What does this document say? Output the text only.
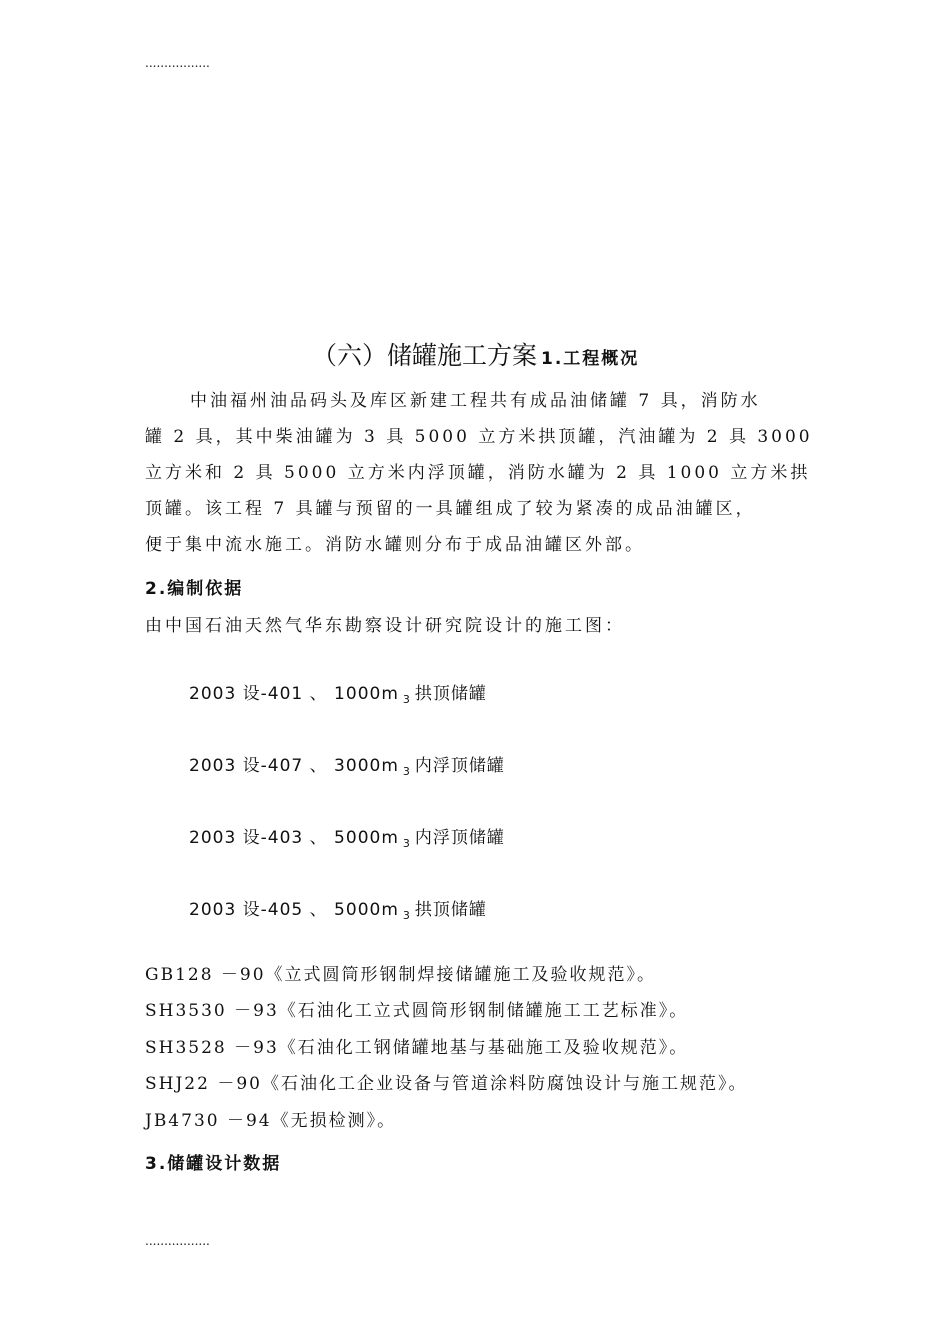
.................
（六）储罐施工方案 1.工程概况
中油福州油品码头及库区新建工程共有成品油储罐 7 具，消防水
罐 2 具，其中柴油罐为 3 具 5000 立方米拱顶罐，汽油罐为 2 具 3000
立方米和 2 具 5000 立方米内浮顶罐，消防水罐为 2 具 1000 立方米拱
顶罐。该工程 7 具罐与预留的一具罐组成了较为紧凑的成品油罐区，
便于集中流水施工。消防水罐则分布于成品油罐区外部。
2.编制依据
由中国石油天然气华东勘察设计研究院设计的施工图：
2003 设-401 、 1000m $_3$ 拱顶储罐
2003 设-407 、 3000m $_3$ 内浮顶储罐
2003 设-403 、 5000m $_3$ 内浮顶储罐
2003 设-405 、 5000m $_3$ 拱顶储罐
GB128 －90《立式圆筒形钢制焊接储罐施工及验收规范》。
SH3530 －93《石油化工立式圆筒形钢制储罐施工工艺标准》。
SH3528 －93《石油化工钢储罐地基与基础施工及验收规范》。
SHJ22 －90《石油化工企业设备与管道涂料防腐蚀设计与施工规范》。
JB4730 －94《无损检测》。
3.储罐设计数据
.................
